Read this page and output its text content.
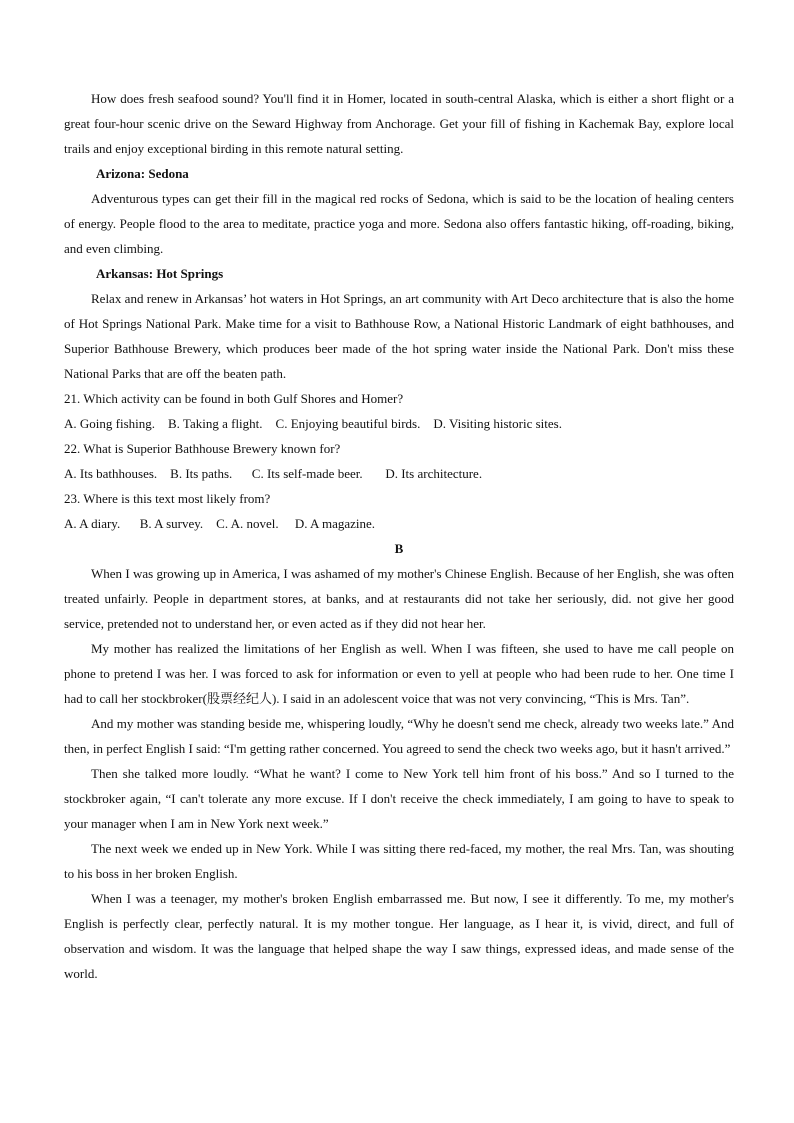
How does fresh seafood sound? You'll find it in Homer, located in south-central Alaska, which is either a short flight or a great four-hour scenic drive on the Seward Highway from Anchorage. Get your fill of fishing in Kachemak Bay, explore local trails and enjoy exceptional birding in this remote natural setting.

Arizona: Sedona

Adventurous types can get their fill in the magical red rocks of Sedona, which is said to be the location of healing centers of energy. People flood to the area to meditate, practice yoga and more. Sedona also offers fantastic hiking, off-roading, biking, and even climbing.

Arkansas: Hot Springs

Relax and renew in Arkansas’ hot waters in Hot Springs, an art community with Art Deco architecture that is also the home of Hot Springs National Park. Make time for a visit to Bathhouse Row, a National Historic Landmark of eight bathhouses, and Superior Bathhouse Brewery, which produces beer made of the hot spring water inside the National Park. Don't miss these National Parks that are off the beaten path.

21. Which activity can be found in both Gulf Shores and Homer?

A. Going fishing.    B. Taking a flight.    C. Enjoying beautiful birds.    D. Visiting historic sites.

22. What is Superior Bathhouse Brewery known for?

A. Its bathhouses.    B. Its paths.      C. Its self-made beer.       D. Its architecture.

23. Where is this text most likely from?

A. A diary.      B. A survey.    C. A. novel.     D. A magazine.

B

When I was growing up in America, I was ashamed of my mother's Chinese English. Because of her English, she was often treated unfairly. People in department stores, at banks, and at restaurants did not take her seriously, did. not give her good service, pretended not to understand her, or even acted as if they did not hear her.

My mother has realized the limitations of her English as well. When I was fifteen, she used to have me call people on phone to pretend I was her. I was forced to ask for information or even to yell at people who had been rude to her. One time I had to call her stockbroker(股票经纪人). I said in an adolescent voice that was not very convincing, “This is Mrs. Tan”.

And my mother was standing beside me, whispering loudly, “Why he doesn't send me check, already two weeks late.” And then, in perfect English I said: “I'm getting rather concerned. You agreed to send the check two weeks ago, but it hasn't arrived.”

Then she talked more loudly. “What he want? I come to New York tell him front of his boss.” And so I turned to the stockbroker again, “I can't tolerate any more excuse. If I don't receive the check immediately, I am going to have to speak to your manager when I am in New York next week.”

The next week we ended up in New York. While I was sitting there red-faced, my mother, the real Mrs. Tan, was shouting to his boss in her broken English.

When I was a teenager, my mother's broken English embarrassed me. But now, I see it differently. To me, my mother's English is perfectly clear, perfectly natural. It is my mother tongue. Her language, as I hear it, is vivid, direct, and full of observation and wisdom. It was the language that helped shape the way I saw things, expressed ideas, and made sense of the world.
